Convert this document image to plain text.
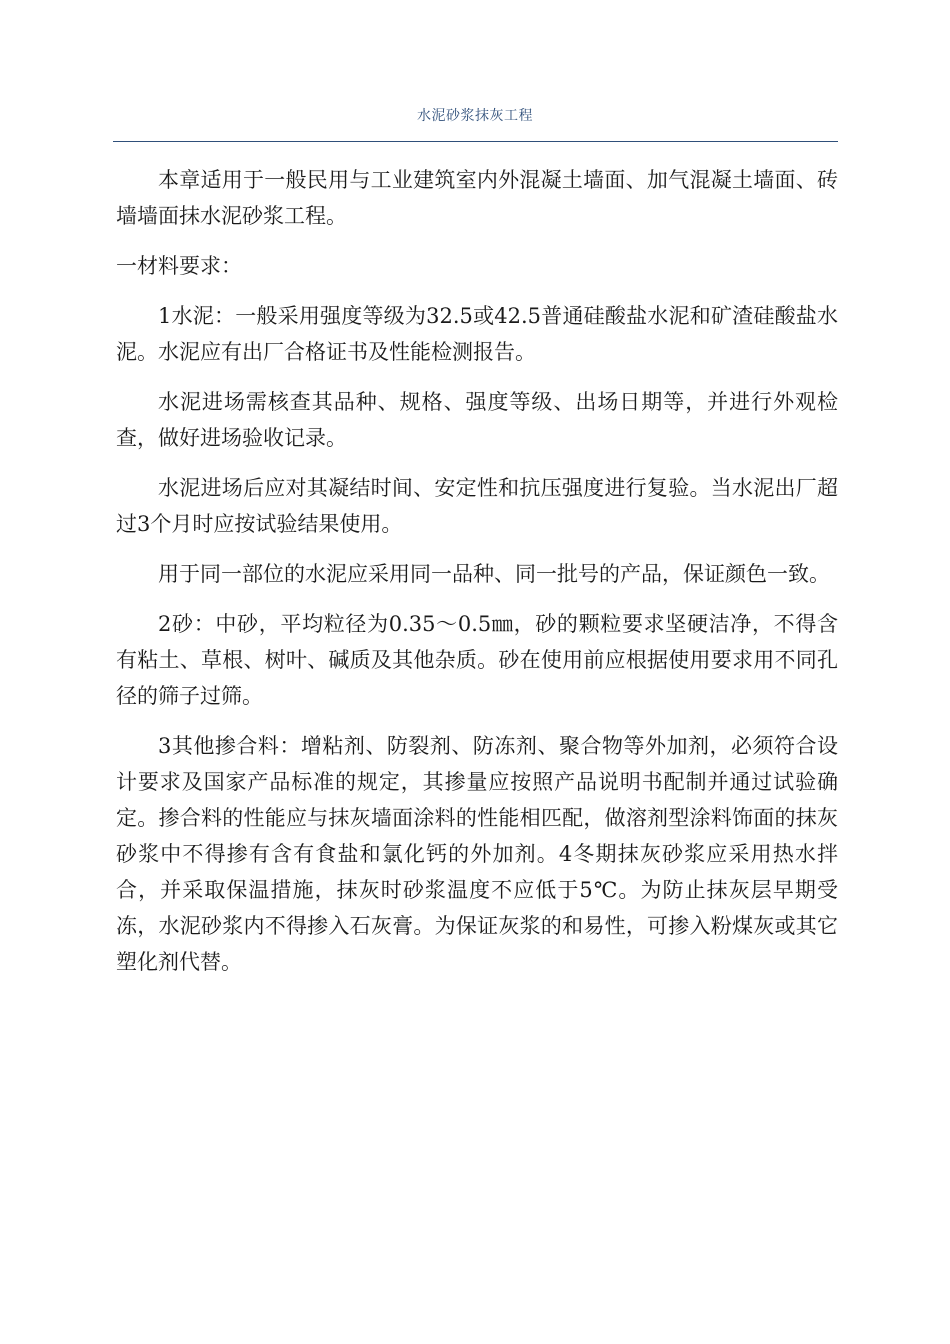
水泥砂浆抹灰工程

本章适用于一般民用与工业建筑室内外混凝土墙面、加气混凝土墙面、砖墙墙面抹水泥砂浆工程。

一材料要求：

1水泥：一般采用强度等级为32.5或42.5普通硅酸盐水泥和矿渣硅酸盐水泥。水泥应有出厂合格证书及性能检测报告。

水泥进场需核查其品种、规格、强度等级、出场日期等，并进行外观检查，做好进场验收记录。

水泥进场后应对其凝结时间、安定性和抗压强度进行复验。当水泥出厂超过3个月时应按试验结果使用。

用于同一部位的水泥应采用同一品种、同一批号的产品，保证颜色一致。

2砂：中砂，平均粒径为0.35～0.5㎜，砂的颗粒要求坚硬洁净，不得含有粘土、草根、树叶、碱质及其他杂质。砂在使用前应根据使用要求用不同孔径的筛子过筛。

3其他掺合料：增粘剂、防裂剂、防冻剂、聚合物等外加剂，必须符合设计要求及国家产品标准的规定，其掺量应按照产品说明书配制并通过试验确定。掺合料的性能应与抹灰墙面涂料的性能相匹配，做溶剂型涂料饰面的抹灰砂浆中不得掺有含有食盐和氯化钙的外加剂。4冬期抹灰砂浆应采用热水拌合，并采取保温措施，抹灰时砂浆温度不应低于5℃。为防止抹灰层早期受冻，水泥砂浆内不得掺入石灰膏。为保证灰浆的和易性，可掺入粉煤灰或其它塑化剂代替。
